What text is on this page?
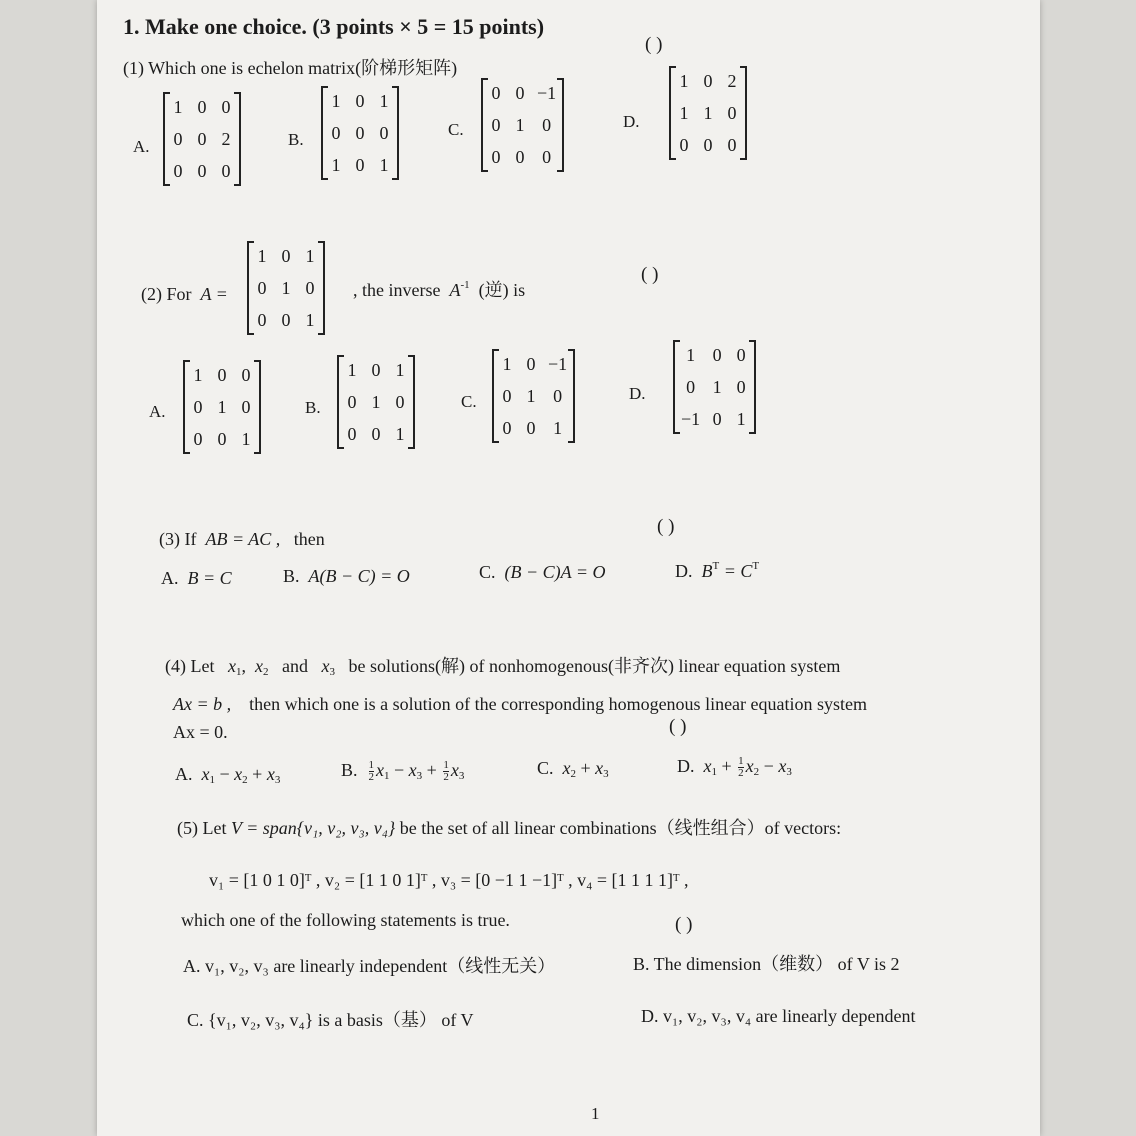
1. Make one choice. (3 points × 5 = 15 points)
(1) Which one is echelon matrix(阶梯形矩阵)
( )
A.
1 0 0
0 0 2
0 0 0
B.
1 0 1
0 0 0
1 0 1
C.
0 0 −1
0 1 0
0 0 0
D.
1 0 2
1 1 0
0 0 0
(2) For A =
1 0 1
0 1 0
0 0 1
, the inverse $A^{-1}$ (逆) is
( )
A.
1 0 0
0 1 0
0 0 1
B.
1 0 1
0 1 0
0 0 1
C.
1 0 −1
0 1 0
0 0 1
D.
1 0 0
0 1 0
−1 0 1
(3) If AB = AC , then
( )
A. B = C	B. A(B − C) = O	C. (B − C)A = O	D. $B^T = C^T$
(4) Let $x_1$,  $x_2$ and $x_3$ be solutions(解) of nonhomogenous(非齐次) linear equation system
Ax = b , then which one is a solution of the corresponding homogenous linear equation system
Ax = 0.	( )
A. $x_1 - x_2 + x_3$	B. $\frac{1}{2} x_1 - x_3 + \frac{1}{2} x_3$	C. $x_2 + x_3$	D. $x_1 + \frac{1}{2} x_2 - x_3$
(5) Let V = span{v₁, v₂, v₃, v₄} be the set of all linear combinations（线性组合）of vectors:
v₁ = [1 0 1 0]ᵀ , v₂ = [1 1 0 1]ᵀ , v₃ = [0 −1 1 −1]ᵀ , v₄ = [1 1 1 1]ᵀ ,
which one of the following statements is true.	( )
A. v₁, v₂, v₃ are linearly independent（线性无关）	B. The dimension（维数） of V is 2
C. {v₁, v₂, v₃, v₄} is a basis（基） of V	D. v₁, v₂, v₃, v₄ are linearly dependent
1
